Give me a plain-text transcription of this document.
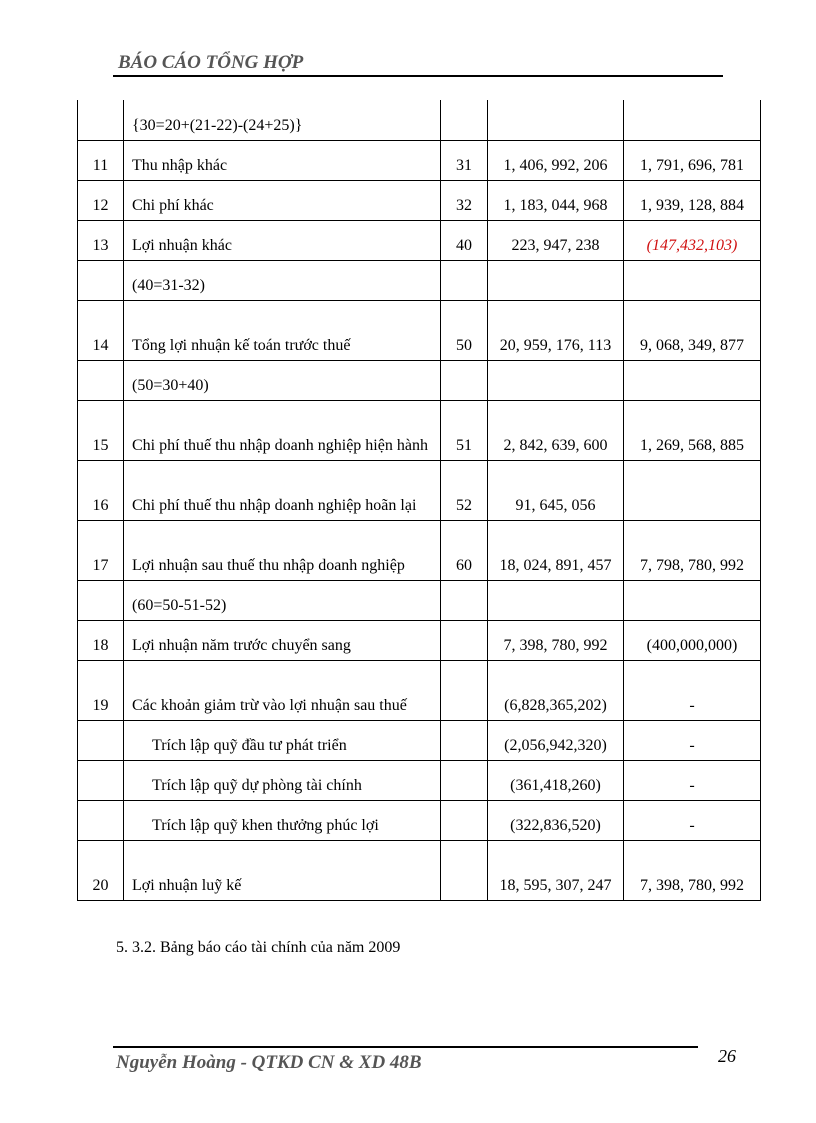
BÁO CÁO TỔNG HỢP
	{30=20+(21-22)-(24+25)}			
11	Thu nhập khác	31	1, 406, 992, 206	1, 791, 696, 781
12	Chi phí khác	32	1, 183, 044, 968	1, 939, 128, 884
13	Lợi nhuận khác	40	223, 947, 238	(147,432,103)
	(40=31-32)			
14	Tổng lợi nhuận kế toán trước thuế	50	20, 959, 176, 113	9, 068, 349, 877
	(50=30+40)			
15	Chi phí thuế thu nhập doanh nghiệp hiện hành	51	2, 842, 639, 600	1, 269, 568, 885
16	Chi phí thuế thu nhập doanh nghiệp hoãn lại	52	91, 645, 056	
17	Lợi nhuận sau thuế thu nhập doanh nghiệp	60	18, 024, 891, 457	7, 798, 780, 992
	(60=50-51-52)			
18	Lợi nhuận năm trước chuyển sang		7, 398, 780, 992	(400,000,000)
19	Các khoản giảm trừ vào lợi nhuận sau thuế		(6,828,365,202)	-
	Trích lập quỹ đầu tư phát triển		(2,056,942,320)	-
	Trích lập quỹ dự phòng tài chính		(361,418,260)	-
	Trích lập quỹ khen thưởng phúc lợi		(322,836,520)	-
20	Lợi nhuận luỹ kế		18, 595, 307, 247	7, 398, 780, 992
5. 3.2. Bảng báo cáo tài chính của năm 2009
Nguyễn Hoàng - QTKD CN & XD 48B	26
